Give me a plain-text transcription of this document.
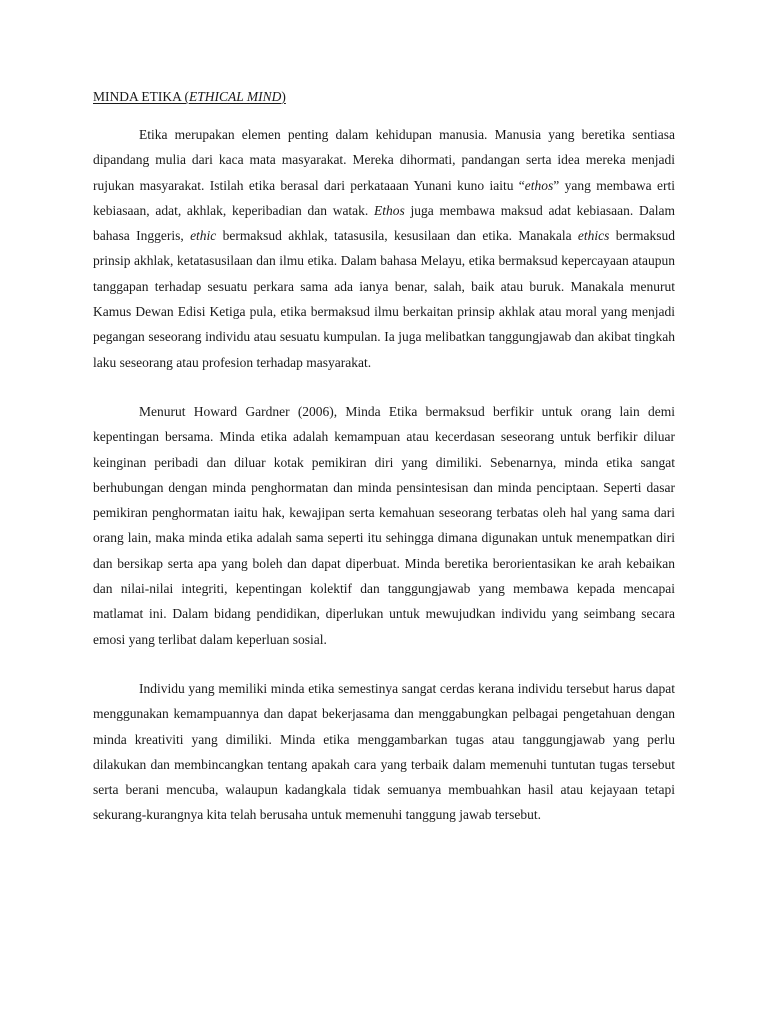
MINDA ETIKA (ETHICAL MIND)

Etika merupakan elemen penting dalam kehidupan manusia. Manusia yang beretika sentiasa dipandang mulia dari kaca mata masyarakat. Mereka dihormati, pandangan serta idea mereka menjadi rujukan masyarakat. Istilah etika berasal dari perkataaan Yunani kuno iaitu “ethos” yang membawa erti kebiasaan, adat, akhlak, keperibadian dan watak. Ethos juga membawa maksud adat kebiasaan. Dalam bahasa Inggeris, ethic bermaksud akhlak, tatasusila, kesusilaan dan etika. Manakala ethics bermaksud prinsip akhlak, ketatasusilaan dan ilmu etika. Dalam bahasa Melayu, etika bermaksud kepercayaan ataupun tanggapan terhadap sesuatu perkara sama ada ianya benar, salah, baik atau buruk. Manakala menurut Kamus Dewan Edisi Ketiga pula, etika bermaksud ilmu berkaitan prinsip akhlak atau moral yang menjadi pegangan seseorang individu atau sesuatu kumpulan. Ia juga melibatkan tanggungjawab dan akibat tingkah laku seseorang atau profesion terhadap masyarakat.

Menurut Howard Gardner (2006), Minda Etika bermaksud berfikir untuk orang lain demi kepentingan bersama. Minda etika adalah kemampuan atau kecerdasan seseorang untuk berfikir diluar keinginan peribadi dan diluar kotak pemikiran diri yang dimiliki. Sebenarnya, minda etika sangat berhubungan dengan minda penghormatan dan minda pensintesisan dan minda penciptaan. Seperti dasar pemikiran penghormatan iaitu hak, kewajipan serta kemahuan seseorang terbatas oleh hal yang sama dari orang lain, maka minda etika adalah sama seperti itu sehingga dimana digunakan untuk menempatkan diri dan bersikap serta apa yang boleh dan dapat diperbuat. Minda beretika berorientasikan ke arah kebaikan dan nilai-nilai integriti, kepentingan kolektif dan tanggungjawab yang membawa kepada mencapai matlamat ini. Dalam bidang pendidikan, diperlukan untuk mewujudkan individu yang seimbang secara emosi yang terlibat dalam keperluan sosial.

Individu yang memiliki minda etika semestinya sangat cerdas kerana individu tersebut harus dapat menggunakan kemampuannya dan dapat bekerjasama dan menggabungkan pelbagai pengetahuan dengan minda kreativiti yang dimiliki. Minda etika menggambarkan tugas atau tanggungjawab yang perlu dilakukan dan membincangkan tentang apakah cara yang terbaik dalam memenuhi tuntutan tugas tersebut serta berani mencuba, walaupun kadangkala tidak semuanya membuahkan hasil atau kejayaan tetapi sekurang-kurangnya kita telah berusaha untuk memenuhi tanggung jawab tersebut.
